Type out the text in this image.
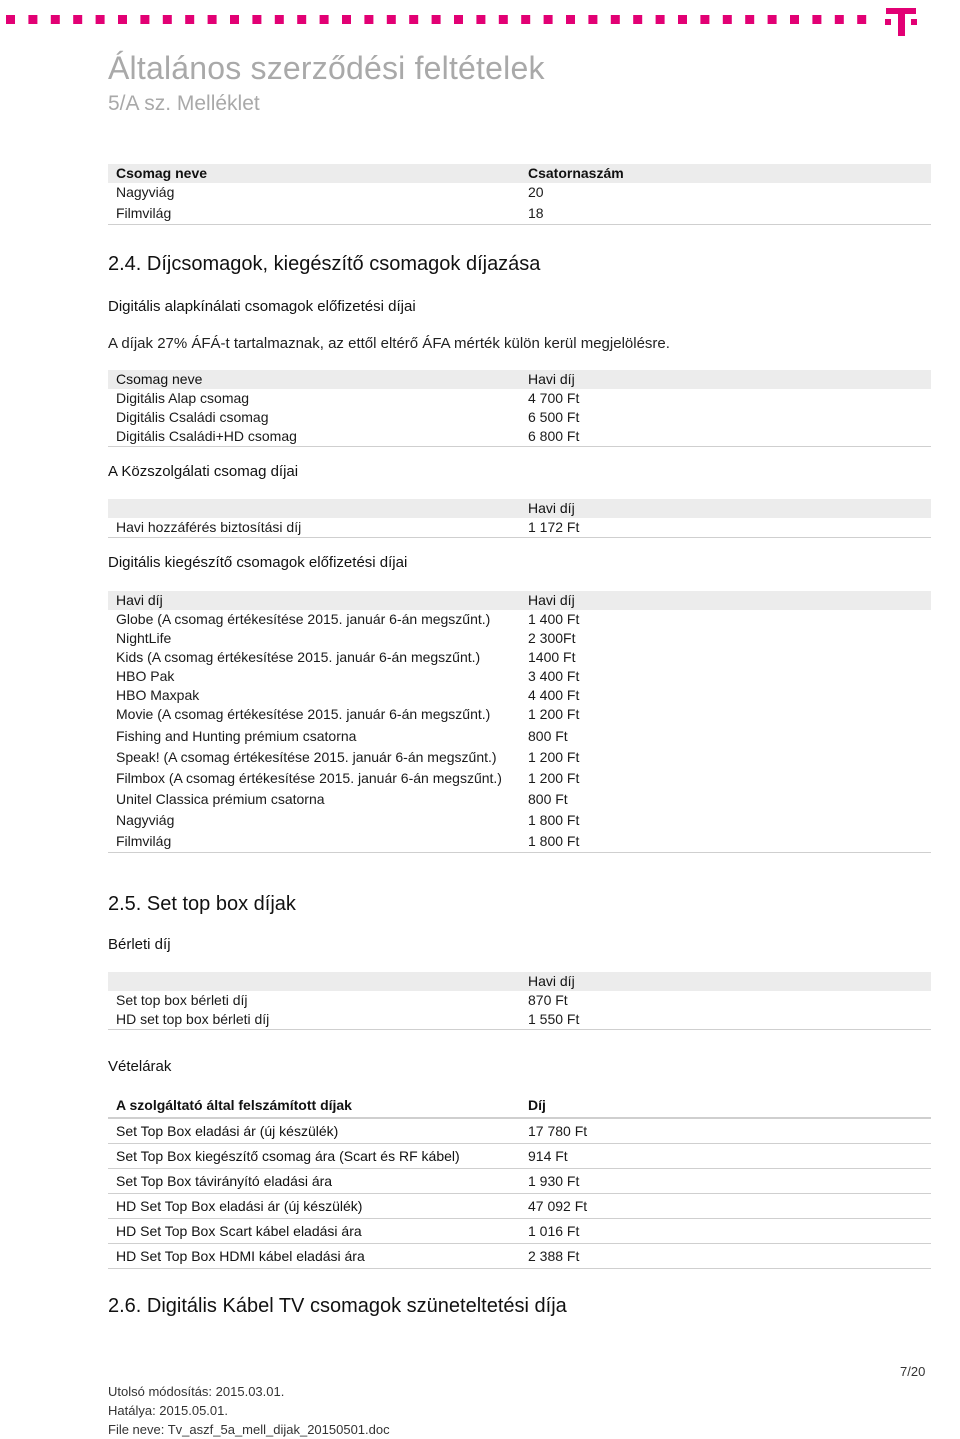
Általános szerződési feltételek
5/A sz. Melléklet
Csomag neve	Csatornaszám
Nagyviág	20
Filmvilág	18
2.4. Díjcsomagok, kiegészítő csomagok díjazása
Digitális alapkínálati csomagok előfizetési díjai
A díjak 27% ÁFÁ-t tartalmaznak, az ettől eltérő ÁFA mérték külön kerül megjelölésre.
Csomag neve	Havi díj
Digitális Alap csomag	4 700 Ft
Digitális Családi csomag	6 500 Ft
Digitális Családi+HD csomag	6 800 Ft
A Közszolgálati csomag díjai
	Havi díj
Havi hozzáférés biztosítási díj	1 172 Ft
Digitális kiegészítő csomagok előfizetési díjai
Havi díj	Havi díj
Globe (A csomag értékesítése 2015. január 6-án megszűnt.)	1 400 Ft
NightLife	2 300Ft
Kids (A csomag értékesítése 2015. január 6-án megszűnt.)	1400 Ft
HBO Pak	3 400 Ft
HBO Maxpak	4 400 Ft
Movie (A csomag értékesítése 2015. január 6-án megszűnt.)	1 200 Ft
Fishing and Hunting prémium csatorna	800 Ft
Speak! (A csomag értékesítése 2015. január 6-án megszűnt.)	1 200 Ft
Filmbox (A csomag értékesítése 2015. január 6-án megszűnt.)	1 200 Ft
Unitel Classica prémium csatorna	800 Ft
Nagyviág	1 800 Ft
Filmvilág	1 800 Ft
2.5. Set top box díjak
Bérleti díj
	Havi díj
Set top box bérleti díj	870 Ft
HD set top box bérleti díj	1 550 Ft
Vételárak
A szolgáltató által felszámított díjak	Díj
Set Top Box eladási ár (új készülék)	17 780 Ft
Set Top Box kiegészítő csomag ára (Scart és RF kábel)	914 Ft
Set Top Box távirányító eladási ára	1 930 Ft
HD Set Top Box eladási ár (új készülék)	47 092 Ft
HD Set Top Box Scart kábel eladási ára	1 016 Ft
HD Set Top Box HDMI kábel eladási ára	2 388 Ft
2.6. Digitális Kábel TV csomagok szüneteltetési díja
7/20
Utolsó módosítás: 2015.03.01.
Hatálya: 2015.05.01.
File neve: Tv_aszf_5a_mell_dijak_20150501.doc
